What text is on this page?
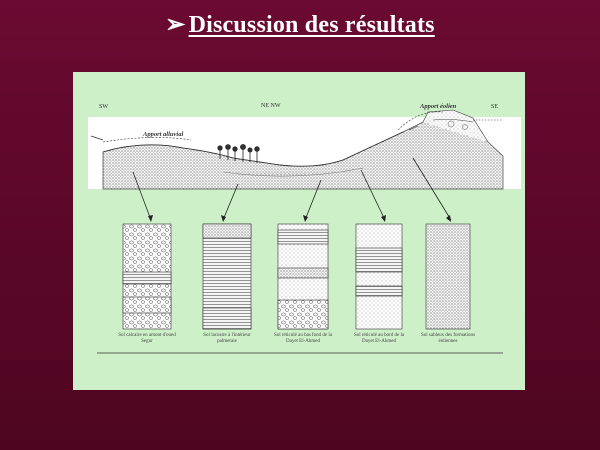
➢ Discussion des résultats
SW	NE NW	SE
Apport alluvial
Apport éolien
Sol calcaire en amont d'oued Segur
Sol lacustre à l'intérieur palmeraie
Sol réticulé au bas fond de la Dayet El-Ahmed
Sol réticulé au bord de la Dayet El-Ahmed
Sol sableux des formations éoliennes
